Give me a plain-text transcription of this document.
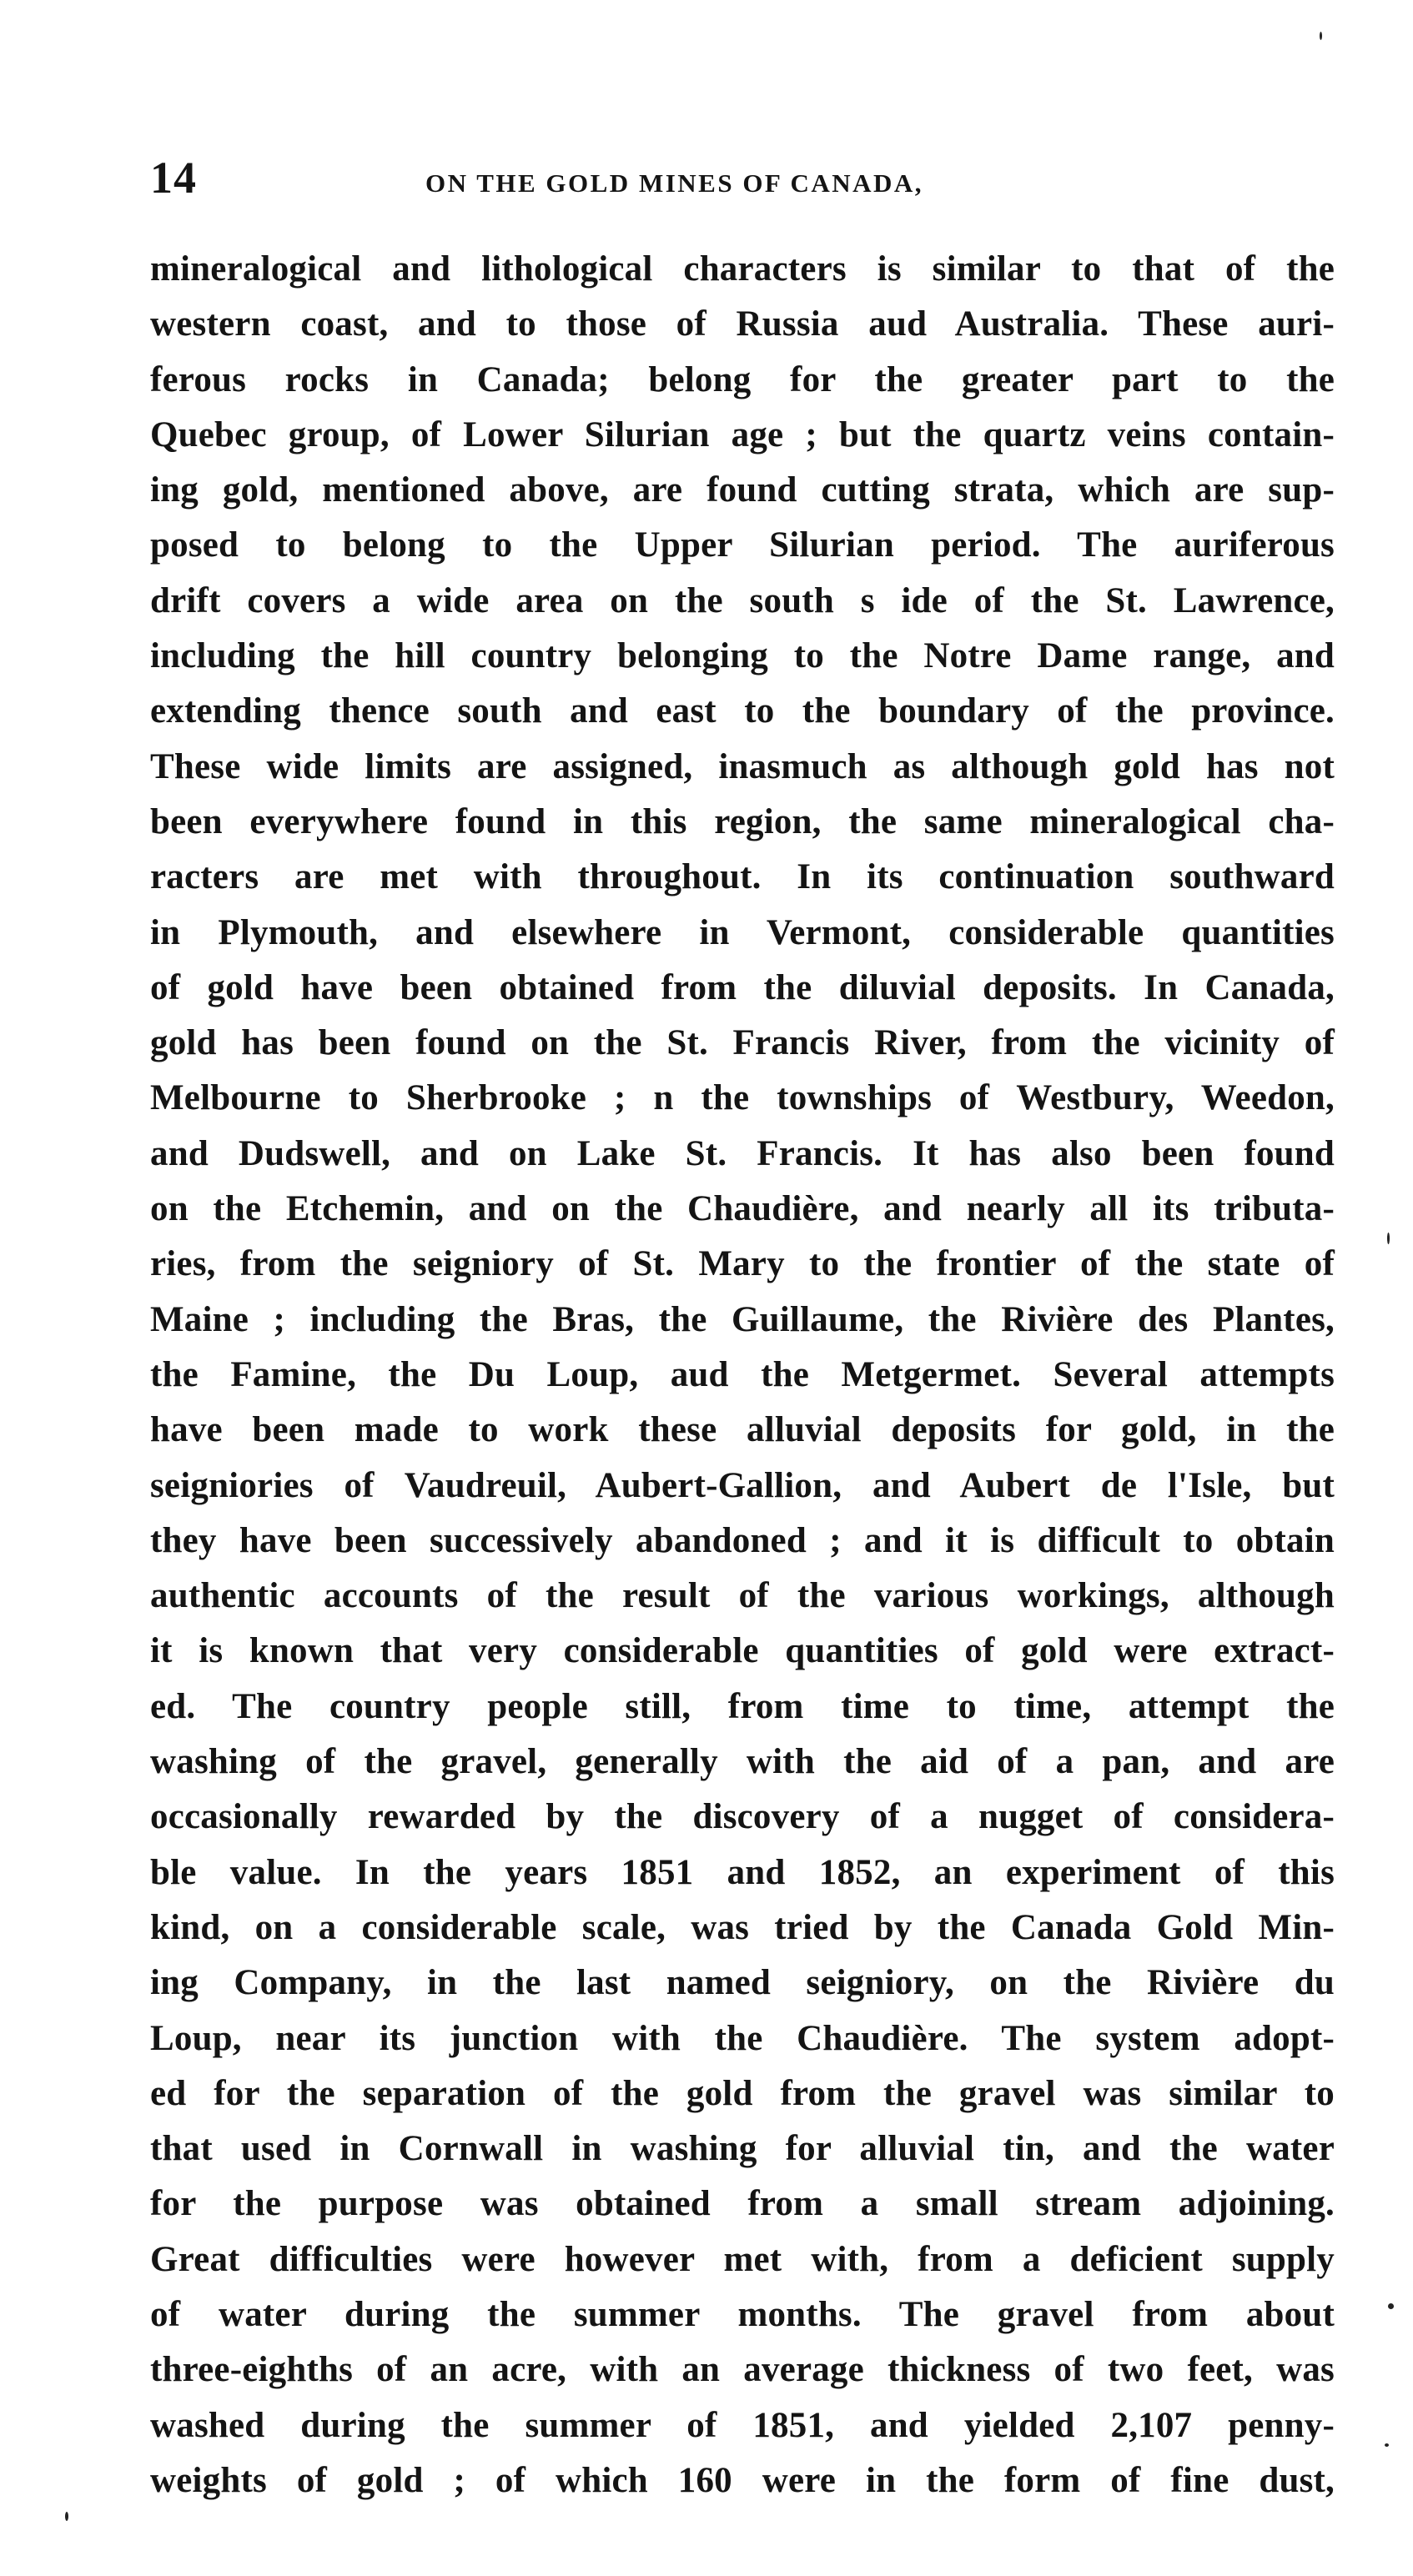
14	ON THE GOLD MINES OF CANADA,
mineralogical and lithological characters is similar to that of the
western coast, and to those of Russia aud Australia. These auri-
ferous rocks in Canada; belong for the greater part to the
Quebec group, of Lower Silurian age ; but the quartz veins contain-
ing gold, mentioned above, are found cutting strata, which are sup-
posed to belong to the Upper Silurian period. The auriferous
drift covers a wide area on the south s ide of the St. Lawrence,
including the hill country belonging to the Notre Dame range, and
extending thence south and east to the boundary of the province.
These wide limits are assigned, inasmuch as although gold has not
been everywhere found in this region, the same mineralogical cha-
racters are met with throughout. In its continuation southward
in Plymouth, and elsewhere in Vermont, considerable quantities
of gold have been obtained from the diluvial deposits. In Canada,
gold has been found on the St. Francis River, from the vicinity of
Melbourne to Sherbrooke ; n the townships of Westbury, Weedon,
and Dudswell, and on Lake St. Francis. It has also been found
on the Etchemin, and on the Chaudière, and nearly all its tributa-
ries, from the seigniory of St. Mary to the frontier of the state of
Maine ; including the Bras, the Guillaume, the Rivière des Plantes,
the Famine, the Du Loup, aud the Metgermet. Several attempts
have been made to work these alluvial deposits for gold, in the
seigniories of Vaudreuil, Aubert-Gallion, and Aubert de l'Isle, but
they have been successively abandoned ; and it is difficult to obtain
authentic accounts of the result of the various workings, although
it is known that very considerable quantities of gold were extract-
ed. The country people still, from time to time, attempt the
washing of the gravel, generally with the aid of a pan, and are
occasionally rewarded by the discovery of a nugget of considera-
ble value. In the years 1851 and 1852, an experiment of this
kind, on a considerable scale, was tried by the Canada Gold Min-
ing Company, in the last named seigniory, on the Rivière du
Loup, near its junction with the Chaudière. The system adopt-
ed for the separation of the gold from the gravel was similar to
that used in Cornwall in washing for alluvial tin, and the water
for the purpose was obtained from a small stream adjoining.
Great difficulties were however met with, from a deficient supply
of water during the summer months. The gravel from about
three-eighths of an acre, with an average thickness of two feet, was
washed during the summer of 1851, and yielded 2,107 penny-
weights of gold ; of which 160 were in the form of fine dust,
